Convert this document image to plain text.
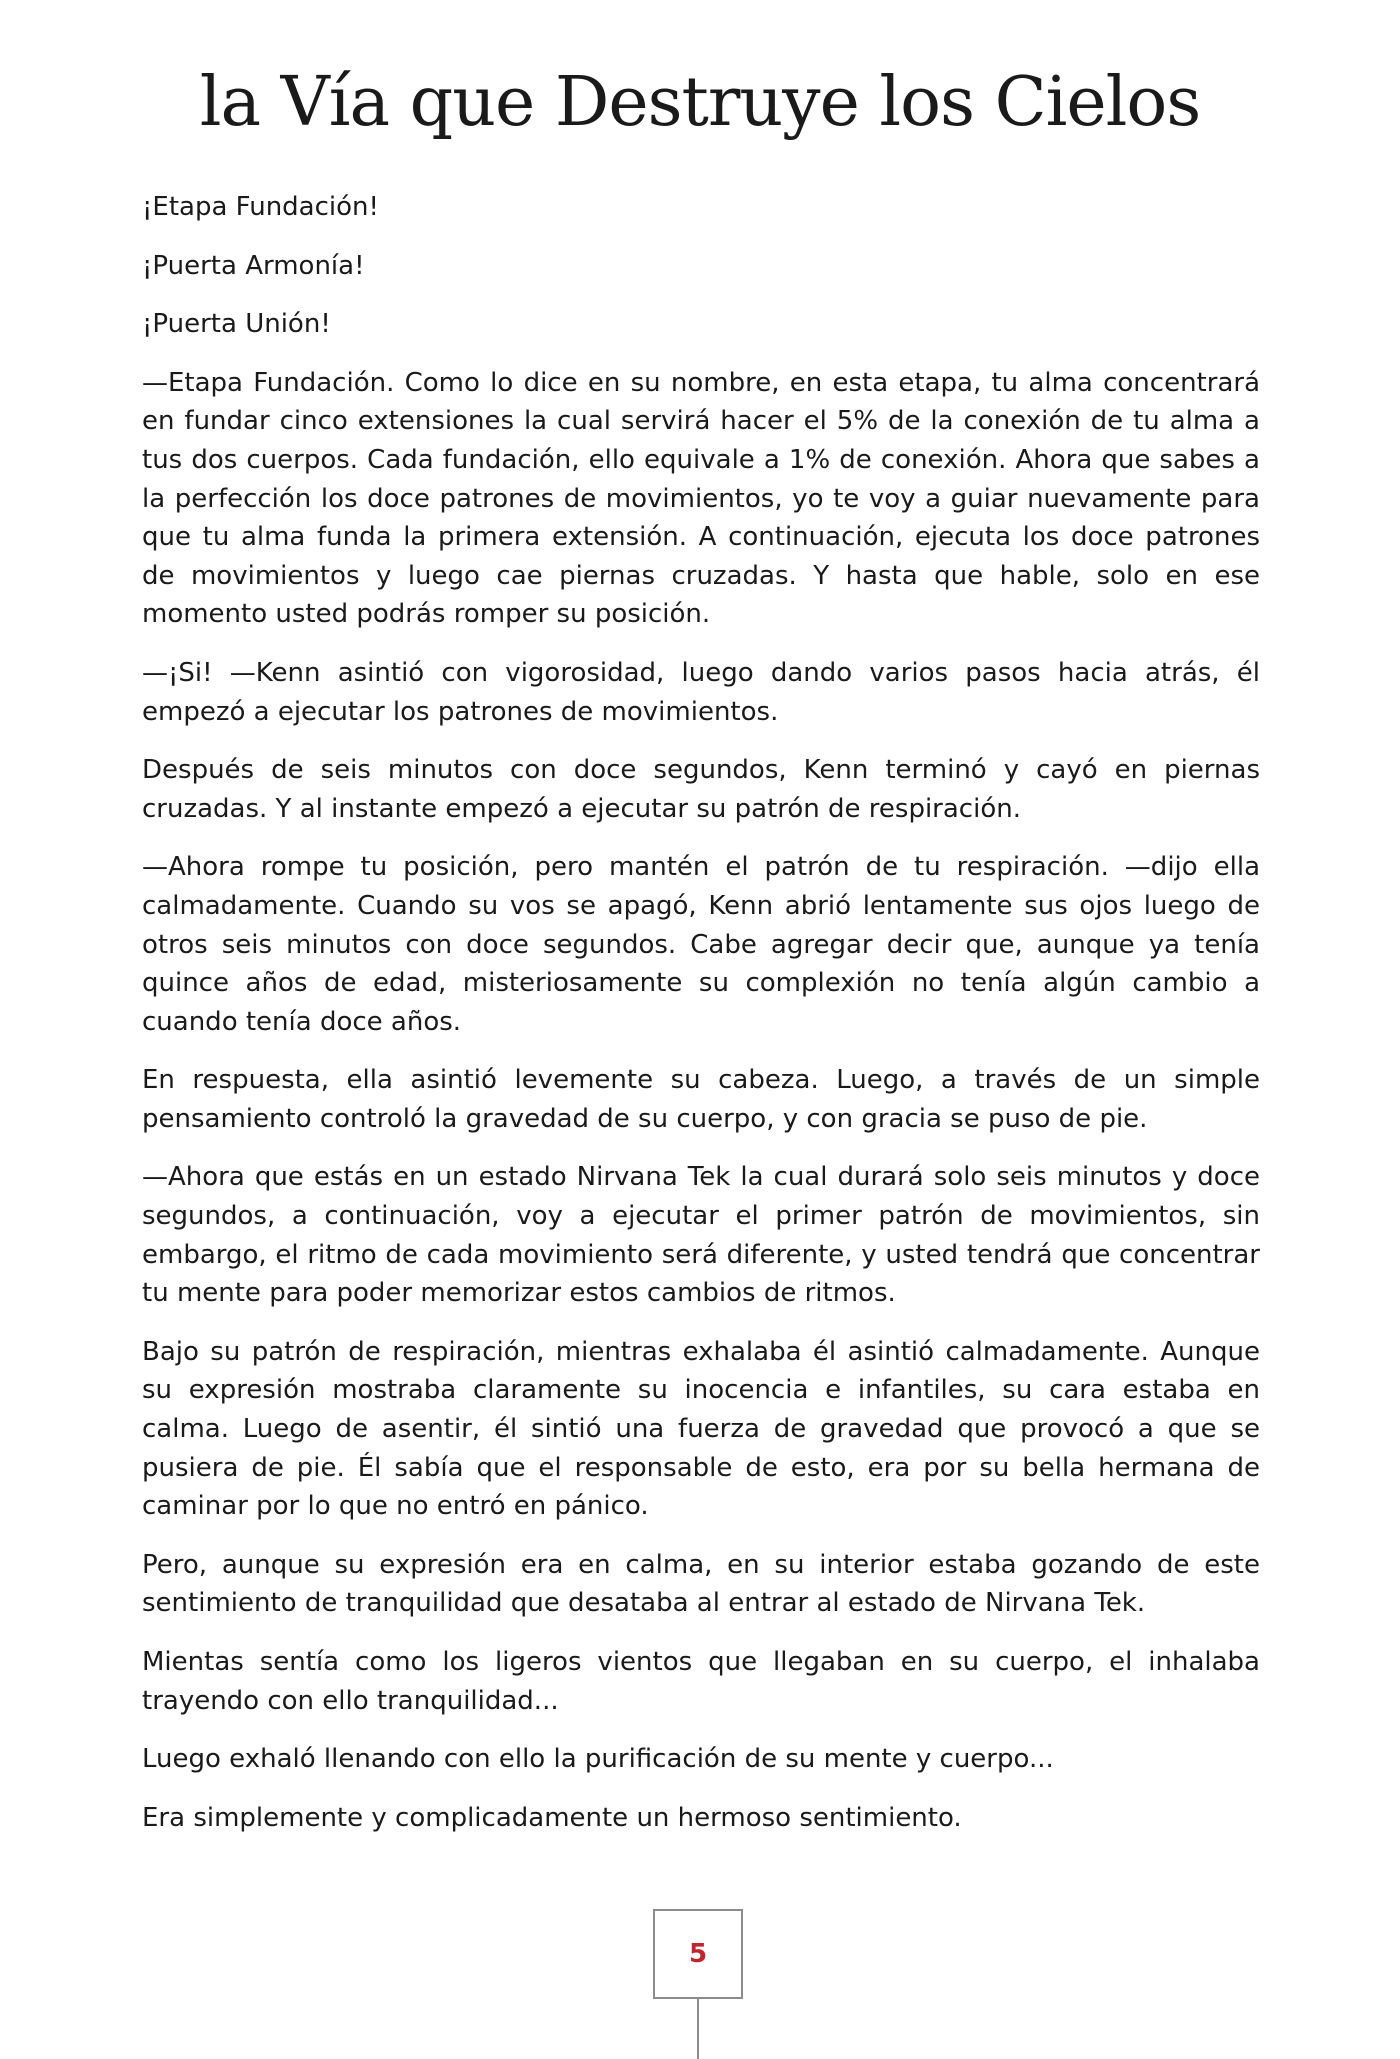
la Vía que Destruye los Cielos

¡Etapa Fundación!

¡Puerta Armonía!

¡Puerta Unión!

—Etapa Fundación. Como lo dice en su nombre, en esta etapa, tu alma concentrará en fundar cinco extensiones la cual servirá hacer el 5% de la conexión de tu alma a tus dos cuerpos. Cada fundación, ello equivale a 1% de conexión. Ahora que sabes a la perfección los doce patrones de movimientos, yo te voy a guiar nuevamente para que tu alma funda la primera extensión. A continuación, ejecuta los doce patrones de movimientos y luego cae piernas cruzadas. Y hasta que hable, solo en ese momento usted podrás romper su posición.

—¡Si! —Kenn asintió con vigorosidad, luego dando varios pasos hacia atrás, él empezó a ejecutar los patrones de movimientos.

Después de seis minutos con doce segundos, Kenn terminó y cayó en piernas cruzadas. Y al instante empezó a ejecutar su patrón de respiración.

—Ahora rompe tu posición, pero mantén el patrón de tu respiración. —dijo ella calmadamente. Cuando su vos se apagó, Kenn abrió lentamente sus ojos luego de otros seis minutos con doce segundos. Cabe agregar decir que, aunque ya tenía quince años de edad, misteriosamente su complexión no tenía algún cambio a cuando tenía doce años.

En respuesta, ella asintió levemente su cabeza. Luego, a través de un simple pensamiento controló la gravedad de su cuerpo, y con gracia se puso de pie.

—Ahora que estás en un estado Nirvana Tek la cual durará solo seis minutos y doce segundos, a continuación, voy a ejecutar el primer patrón de movimientos, sin embargo, el ritmo de cada movimiento será diferente, y usted tendrá que concentrar tu mente para poder memorizar estos cambios de ritmos.

Bajo su patrón de respiración, mientras exhalaba él asintió calmadamente. Aunque su expresión mostraba claramente su inocencia e infantiles, su cara estaba en calma. Luego de asentir, él sintió una fuerza de gravedad que provocó a que se pusiera de pie. Él sabía que el responsable de esto, era por su bella hermana de caminar por lo que no entró en pánico.

Pero, aunque su expresión era en calma, en su interior estaba gozando de este sentimiento de tranquilidad que desataba al entrar al estado de Nirvana Tek.

Mientas sentía como los ligeros vientos que llegaban en su cuerpo, el inhalaba trayendo con ello tranquilidad...

Luego exhaló llenando con ello la purificación de su mente y cuerpo...

Era simplemente y complicadamente un hermoso sentimiento.

5
